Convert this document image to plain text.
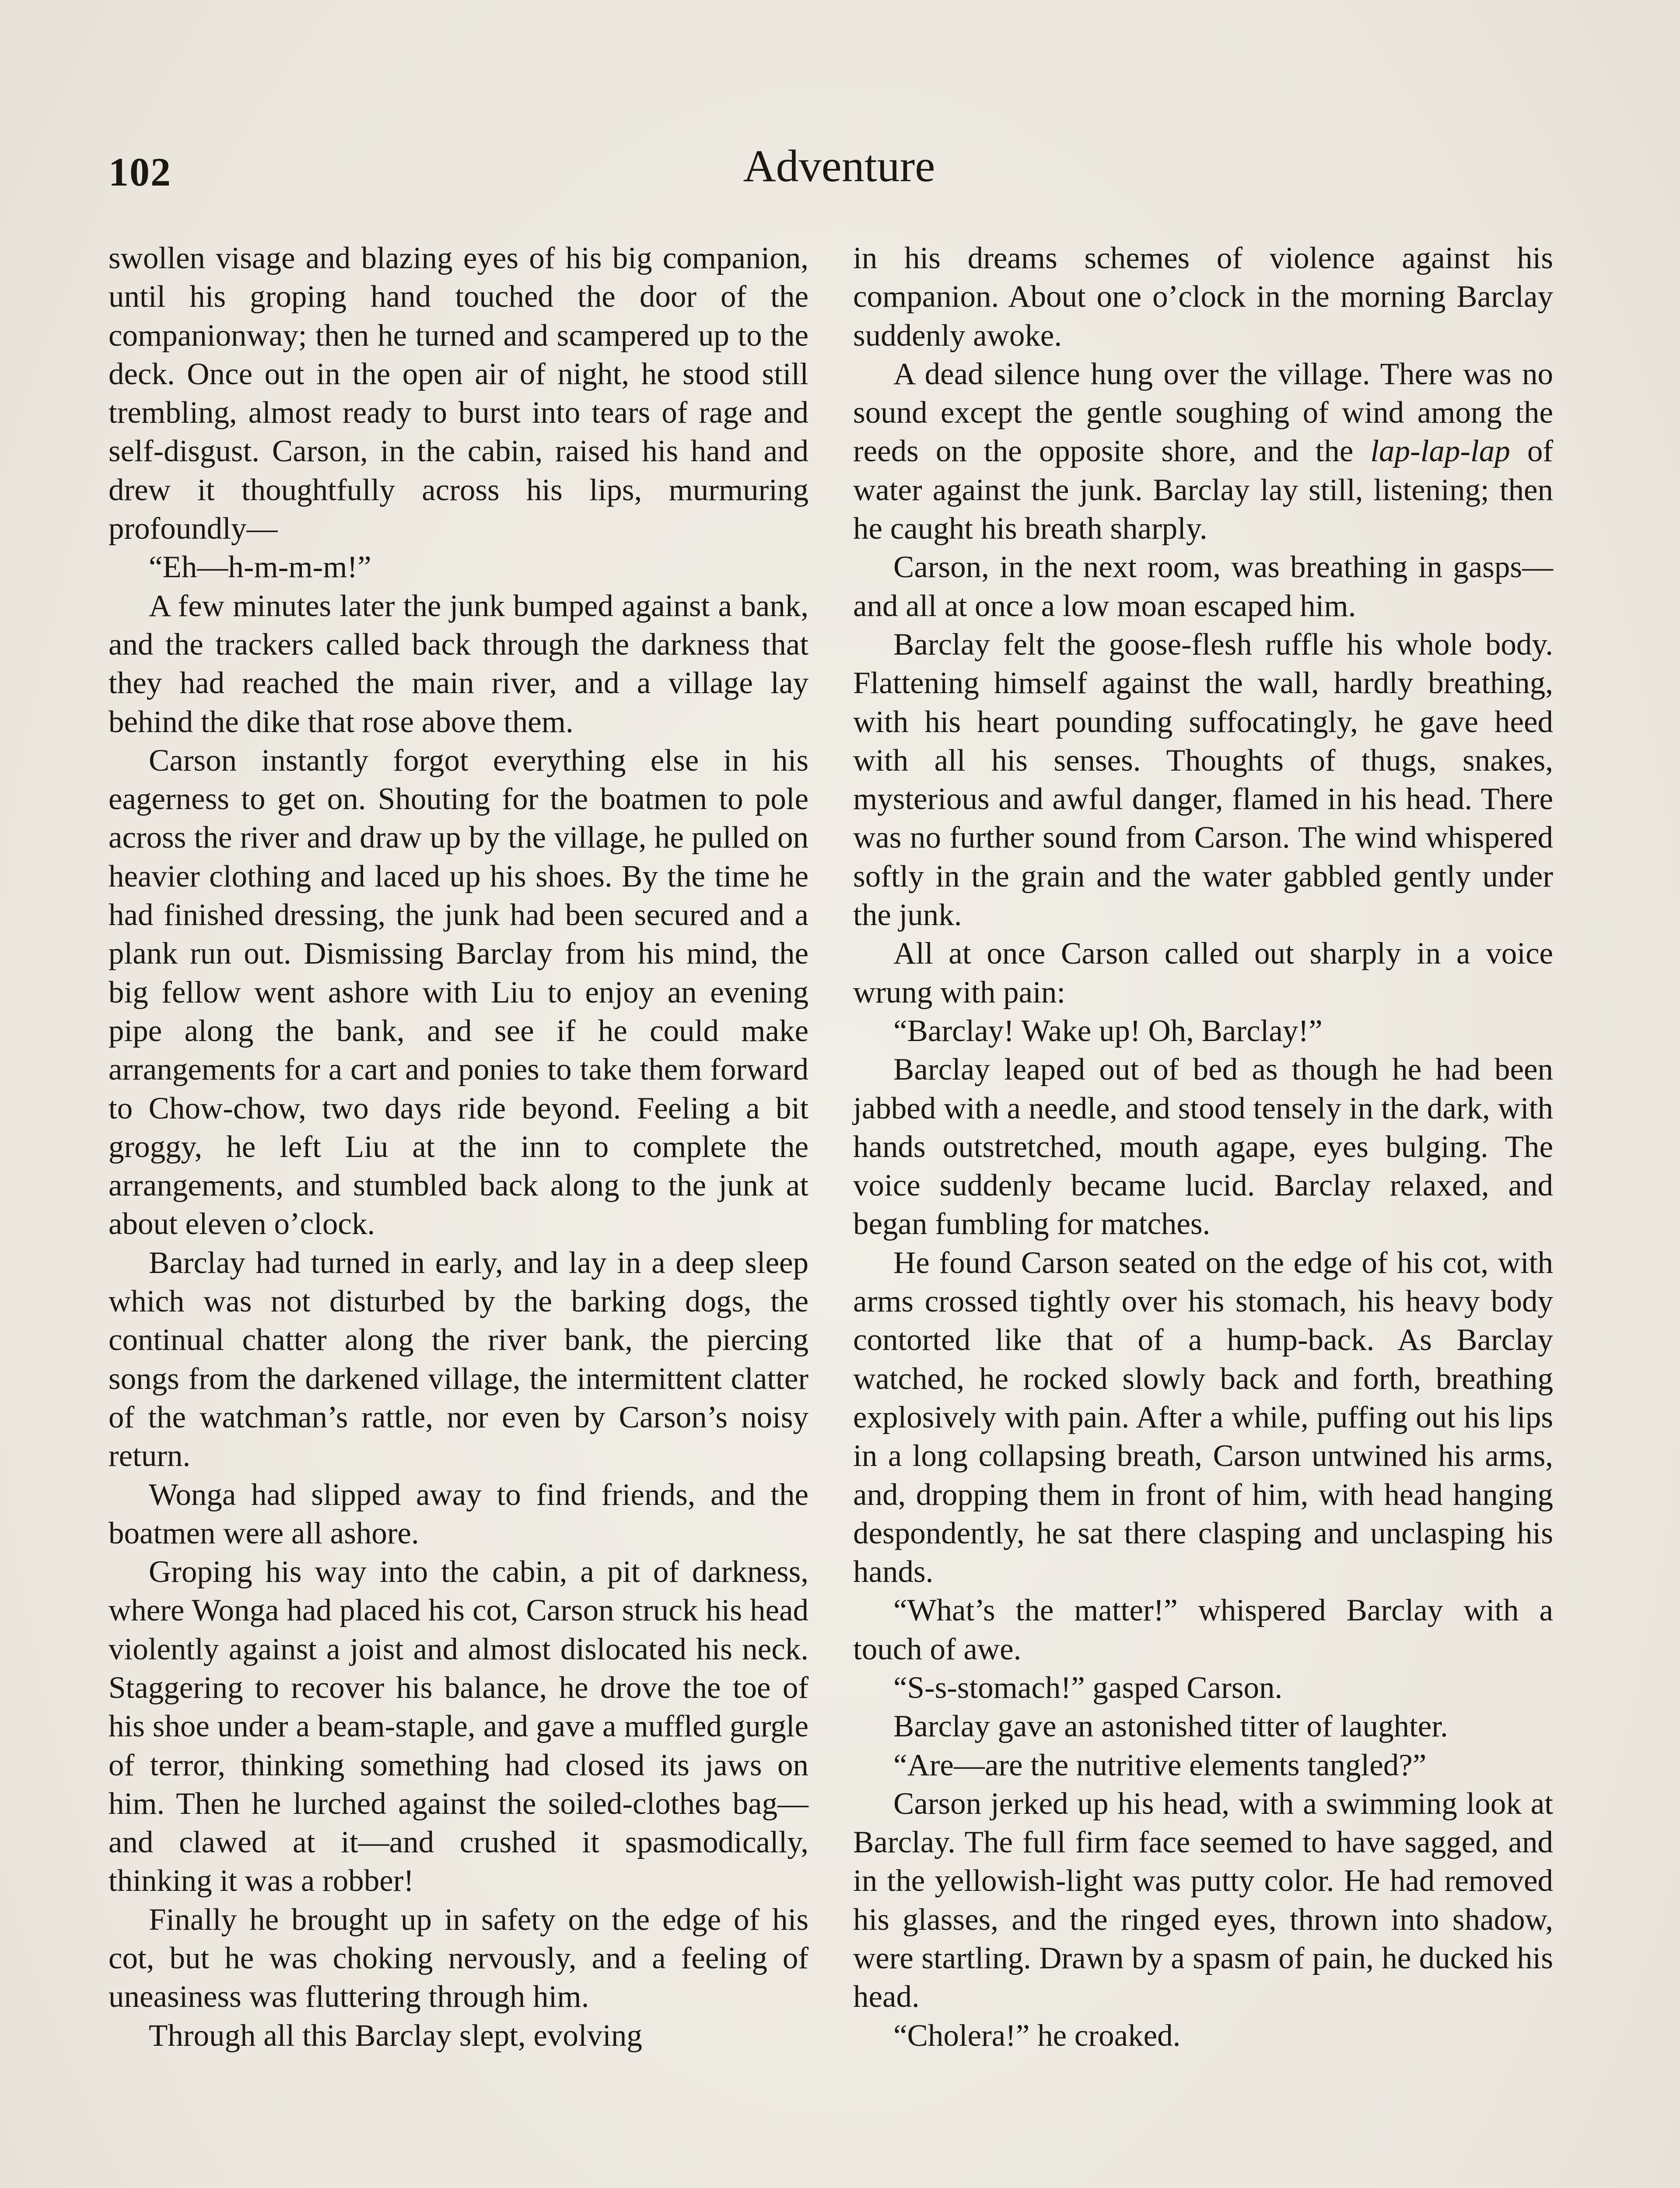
102	Adventure

swollen visage and blazing eyes of his big companion, until his groping hand touched the door of the companionway; then he turned and scampered up to the deck. Once out in the open air of night, he stood still trembling, almost ready to burst into tears of rage and self-disgust. Carson, in the cabin, raised his hand and drew it thoughtfully across his lips, murmuring profoundly—

“Eh—h-m-m-m!”

A few minutes later the junk bumped against a bank, and the trackers called back through the darkness that they had reached the main river, and a village lay behind the dike that rose above them.

Carson instantly forgot everything else in his eagerness to get on. Shouting for the boatmen to pole across the river and draw up by the village, he pulled on heavier clothing and laced up his shoes. By the time he had finished dressing, the junk had been secured and a plank run out. Dismissing Barclay from his mind, the big fellow went ashore with Liu to enjoy an evening pipe along the bank, and see if he could make arrangements for a cart and ponies to take them forward to Chow-chow, two days ride beyond. Feeling a bit groggy, he left Liu at the inn to complete the arrangements, and stumbled back along to the junk at about eleven o’clock.

Barclay had turned in early, and lay in a deep sleep which was not disturbed by the barking dogs, the continual chatter along the river bank, the piercing songs from the darkened village, the intermittent clatter of the watchman’s rattle, nor even by Carson’s noisy return.

Wonga had slipped away to find friends, and the boatmen were all ashore.

Groping his way into the cabin, a pit of darkness, where Wonga had placed his cot, Carson struck his head violently against a joist and almost dislocated his neck. Staggering to recover his balance, he drove the toe of his shoe under a beam-staple, and gave a muffled gurgle of terror, thinking something had closed its jaws on him. Then he lurched against the soiled-clothes bag—and clawed at it—and crushed it spasmodically, thinking it was a robber!

Finally he brought up in safety on the edge of his cot, but he was choking nervously, and a feeling of uneasiness was fluttering through him.

Through all this Barclay slept, evolving

in his dreams schemes of violence against his companion. About one o’clock in the morning Barclay suddenly awoke.

A dead silence hung over the village. There was no sound except the gentle soughing of wind among the reeds on the opposite shore, and the lap-lap-lap of water against the junk. Barclay lay still, listening; then he caught his breath sharply.

Carson, in the next room, was breathing in gasps—and all at once a low moan escaped him.

Barclay felt the goose-flesh ruffle his whole body. Flattening himself against the wall, hardly breathing, with his heart pounding suffocatingly, he gave heed with all his senses. Thoughts of thugs, snakes, mysterious and awful danger, flamed in his head. There was no further sound from Carson. The wind whispered softly in the grain and the water gabbled gently under the junk.

All at once Carson called out sharply in a voice wrung with pain:

“Barclay! Wake up! Oh, Barclay!”

Barclay leaped out of bed as though he had been jabbed with a needle, and stood tensely in the dark, with hands outstretched, mouth agape, eyes bulging. The voice suddenly became lucid. Barclay relaxed, and began fumbling for matches.

He found Carson seated on the edge of his cot, with arms crossed tightly over his stomach, his heavy body contorted like that of a hump-back. As Barclay watched, he rocked slowly back and forth, breathing explosively with pain. After a while, puffing out his lips in a long collapsing breath, Carson untwined his arms, and, dropping them in front of him, with head hanging despondently, he sat there clasping and unclasping his hands.

“What’s the matter!” whispered Barclay with a touch of awe.

“S-s-stomach!” gasped Carson.

Barclay gave an astonished titter of laughter.

“Are—are the nutritive elements tangled?”

Carson jerked up his head, with a swimming look at Barclay. The full firm face seemed to have sagged, and in the yellowish-light was putty color. He had removed his glasses, and the ringed eyes, thrown into shadow, were startling. Drawn by a spasm of pain, he ducked his head.

“Cholera!” he croaked.
